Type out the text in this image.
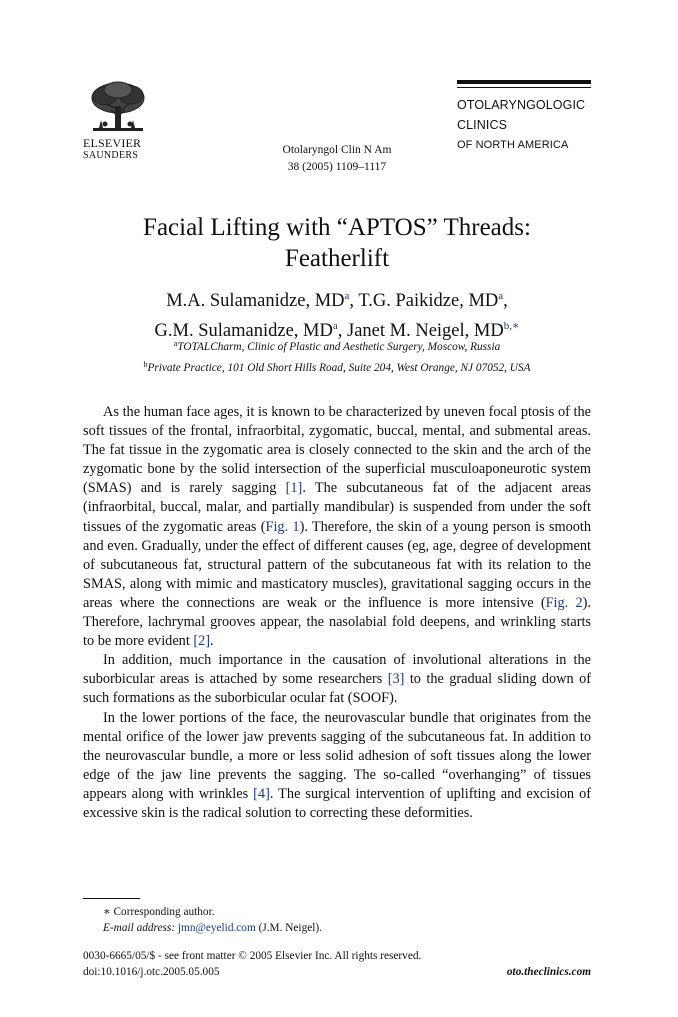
ELSEVIER
SAUNDERS	Otolaryngol Clin N Am
38 (2005) 1109–1117
OTOLARYNGOLOGIC
CLINICS
OF NORTH AMERICA
Facial Lifting with “APTOS” Threads:
Featherlift
M.A. Sulamanidze, $MD^a$, T.G. Paikidze, $MD^a$,
G.M. Sulamanidze, $MD^a$, Janet M. Neigel, $MD^{b,∗}$
$^a$TOTALCharm, Clinic of Plastic and Aesthetic Surgery, Moscow, Russia
$^b$Private Practice, 101 Old Short Hills Road, Suite 204, West Orange, NJ 07052, USA

As the human face ages, it is known to be characterized by uneven focal ptosis of the soft tissues of the frontal, infraorbital, zygomatic, buccal, mental, and submental areas. The fat tissue in the zygomatic area is closely connected to the skin and the arch of the zygomatic bone by the solid intersection of the superficial musculoaponeurotic system (SMAS) and is rarely sagging [1]. The subcutaneous fat of the adjacent areas (infraorbital, buccal, malar, and partially mandibular) is suspended from under the soft tissues of the zygomatic areas (Fig. 1). Therefore, the skin of a young person is smooth and even. Gradually, under the effect of different causes (eg, age, degree of development of subcutaneous fat, structural pattern of the subcutaneous fat with its relation to the SMAS, along with mimic and masticatory muscles), gravitational sagging occurs in the areas where the connections are weak or the influence is more intensive (Fig. 2). Therefore, lachrymal grooves appear, the nasolabial fold deepens, and wrinkling starts to be more evident [2].

In addition, much importance in the causation of involutional alterations in the suborbicular areas is attached by some researchers [3] to the gradual sliding down of such formations as the suborbicular ocular fat (SOOF).

In the lower portions of the face, the neurovascular bundle that originates from the mental orifice of the lower jaw prevents sagging of the subcutaneous fat. In addition to the neurovascular bundle, a more or less solid adhesion of soft tissues along the lower edge of the jaw line prevents the sagging. The so-called “overhanging” of tissues appears along with wrinkles [4]. The surgical intervention of uplifting and excision of excessive skin is the radical solution to correcting these deformities.

∗ Corresponding author.
E-mail address: jmn@eyelid.com (J.M. Neigel).
0030-6665/05/$ - see front matter © 2005 Elsevier Inc. All rights reserved.
doi:10.1016/j.otc.2005.05.005	oto.theclinics.com
